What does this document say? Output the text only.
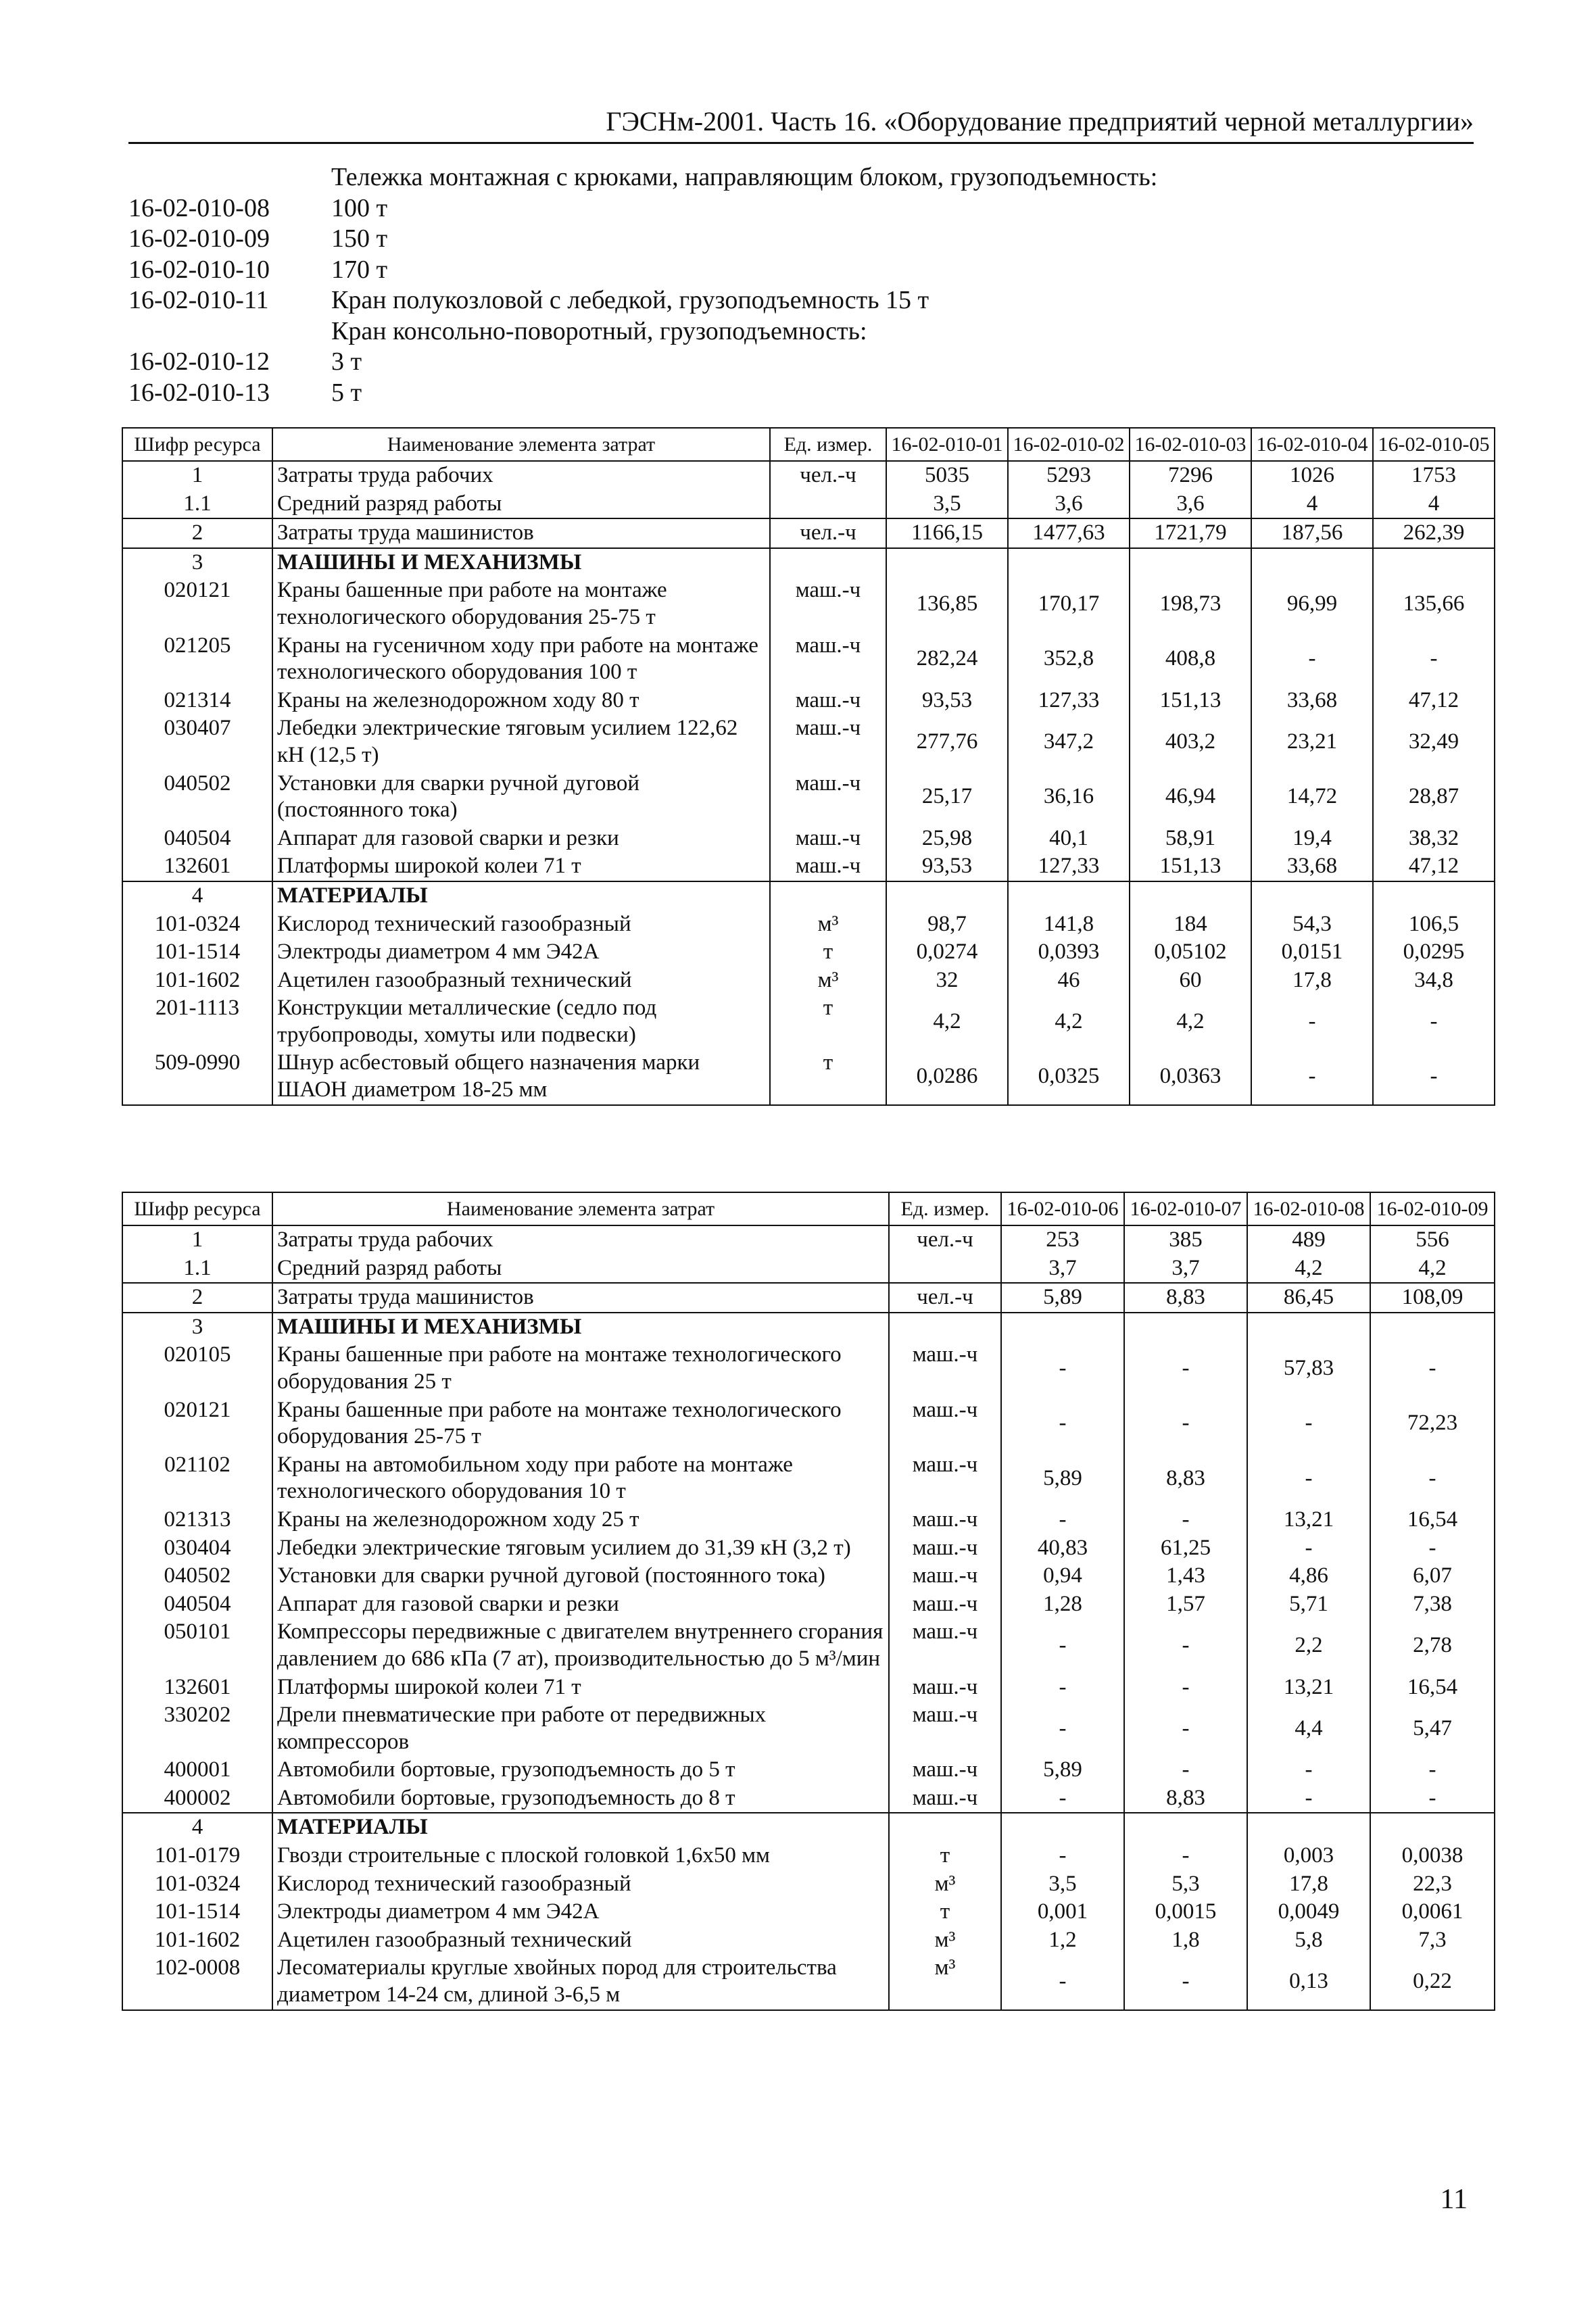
ГЭСНм-2001. Часть 16. «Оборудование предприятий черной металлургии»
Тележка монтажная с крюками, направляющим блоком, грузоподъемность:
16-02-010-08 100 т
16-02-010-09 150 т
16-02-010-10 170 т
16-02-010-11 Кран полукозловой с лебедкой, грузоподъемность 15 т
Кран консольно-поворотный, грузоподъемность:
16-02-010-12 3 т
16-02-010-13 5 т
Шифр ресурса	Наименование элемента затрат	Ед. измер.	16-02-010-01	16-02-010-02	16-02-010-03	16-02-010-04	16-02-010-05
1	Затраты труда рабочих	чел.-ч	5035	5293	7296	1026	1753
1.1	Средний разряд работы		3,5	3,6	3,6	4	4
2	Затраты труда машинистов	чел.-ч	1166,15	1477,63	1721,79	187,56	262,39
3	МАШИНЫ И МЕХАНИЗМЫ						
020121	Краны башенные при работе на монтаже технологического оборудования 25-75 т	маш.-ч	136,85	170,17	198,73	96,99	135,66
021205	Краны на гусеничном ходу при работе на монтаже технологического оборудования 100 т	маш.-ч	282,24	352,8	408,8	-	-
021314	Краны на железнодорожном ходу 80 т	маш.-ч	93,53	127,33	151,13	33,68	47,12
030407	Лебедки электрические тяговым усилием 122,62 кН (12,5 т)	маш.-ч	277,76	347,2	403,2	23,21	32,49
040502	Установки для сварки ручной дуговой (постоянного тока)	маш.-ч	25,17	36,16	46,94	14,72	28,87
040504	Аппарат для газовой сварки и резки	маш.-ч	25,98	40,1	58,91	19,4	38,32
132601	Платформы широкой колеи 71 т	маш.-ч	93,53	127,33	151,13	33,68	47,12
4	МАТЕРИАЛЫ						
101-0324	Кислород технический газообразный	м³	98,7	141,8	184	54,3	106,5
101-1514	Электроды диаметром 4 мм Э42А	т	0,0274	0,0393	0,05102	0,0151	0,0295
101-1602	Ацетилен газообразный технический	м³	32	46	60	17,8	34,8
201-1113	Конструкции металлические (седло под трубопроводы, хомуты или подвески)	т	4,2	4,2	4,2	-	-
509-0990	Шнур асбестовый общего назначения марки ШАОН диаметром 18-25 мм	т	0,0286	0,0325	0,0363	-	-
Шифр ресурса	Наименование элемента затрат	Ед. измер.	16-02-010-06	16-02-010-07	16-02-010-08	16-02-010-09
1	Затраты труда рабочих	чел.-ч	253	385	489	556
1.1	Средний разряд работы		3,7	3,7	4,2	4,2
2	Затраты труда машинистов	чел.-ч	5,89	8,83	86,45	108,09
3	МАШИНЫ И МЕХАНИЗМЫ					
020105	Краны башенные при работе на монтаже технологического оборудования 25 т	маш.-ч	-	-	57,83	-
020121	Краны башенные при работе на монтаже технологического оборудования 25-75 т	маш.-ч	-	-	-	72,23
021102	Краны на автомобильном ходу при работе на монтаже технологического оборудования 10 т	маш.-ч	5,89	8,83	-	-
021313	Краны на железнодорожном ходу 25 т	маш.-ч	-	-	13,21	16,54
030404	Лебедки электрические тяговым усилием до 31,39 кН (3,2 т)	маш.-ч	40,83	61,25	-	-
040502	Установки для сварки ручной дуговой (постоянного тока)	маш.-ч	0,94	1,43	4,86	6,07
040504	Аппарат для газовой сварки и резки	маш.-ч	1,28	1,57	5,71	7,38
050101	Компрессоры передвижные с двигателем внутреннего сгорания давлением до 686 кПа (7 ат), производительностью до 5 м³/мин	маш.-ч	-	-	2,2	2,78
132601	Платформы широкой колеи 71 т	маш.-ч	-	-	13,21	16,54
330202	Дрели пневматические при работе от передвижных компрессоров	маш.-ч	-	-	4,4	5,47
400001	Автомобили бортовые, грузоподъемность до 5 т	маш.-ч	5,89	-	-	-
400002	Автомобили бортовые, грузоподъемность до 8 т	маш.-ч	-	8,83	-	-
4	МАТЕРИАЛЫ					
101-0179	Гвозди строительные с плоской головкой 1,6x50 мм	т	-	-	0,003	0,0038
101-0324	Кислород технический газообразный	м³	3,5	5,3	17,8	22,3
101-1514	Электроды диаметром 4 мм Э42А	т	0,001	0,0015	0,0049	0,0061
101-1602	Ацетилен газообразный технический	м³	1,2	1,8	5,8	7,3
102-0008	Лесоматериалы круглые хвойных пород для строительства диаметром 14-24 см, длиной 3-6,5 м	м³	-	-	0,13	0,22
11
